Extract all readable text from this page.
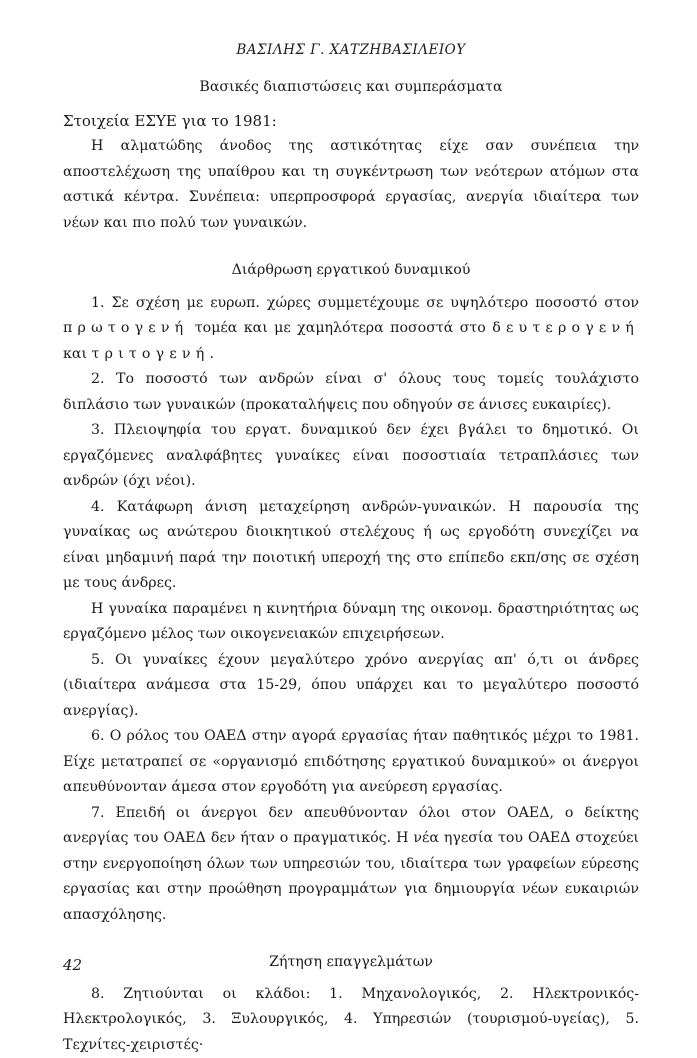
ΒΑΣΙΛΗΣ Γ. ΧΑΤΖΗΒΑΣΙΛΕΙΟΥ
Βασικές διαπιστώσεις και συμπεράσματα
Στοιχεία ΕΣΥΕ για το 1981:

Η αλματώδης άνοδος της αστικότητας είχε σαν συνέπεια την αποστελέχωση της υπαίθρου και τη συγκέντρωση των νεότερων ατόμων στα αστικά κέντρα. Συνέπεια: υπερπροσφορά εργασίας, ανεργία ιδιαίτερα των νέων και πιο πολύ των γυναικών.

Διάρθρωση εργατικού δυναμικού

1. Σε σχέση με ευρωπ. χώρες συμμετέχουμε σε υψηλότερο ποσοστό στον πρωτογενή τομέα και με χαμηλότερα ποσοστά στο δευτερογενή και τριτογενή.

2. Το ποσοστό των ανδρών είναι σ' όλους τους τομείς τουλάχιστο διπλάσιο των γυναικών (προκαταλήψεις που οδηγούν σε άνισες ευκαιρίες).

3. Πλειοψηφία του εργατ. δυναμικού δεν έχει βγάλει το δημοτικό. Οι εργαζόμενες αναλφάβητες γυναίκες είναι ποσοστιαία τετραπλάσιες των ανδρών (όχι νέοι).

4. Κατάφωρη άνιση μεταχείρηση ανδρών-γυναικών. Η παρουσία της γυναίκας ως ανώτερου διοικητικού στελέχους ή ως εργοδότη συνεχίζει να είναι μηδαμινή παρά την ποιοτική υπεροχή της στο επίπεδο εκπ/σης σε σχέση με τους άνδρες.

Η γυναίκα παραμένει η κινητήρια δύναμη της οικονομ. δραστηριότητας ως εργαζόμενο μέλος των οικογενειακών επιχειρήσεων.

5. Οι γυναίκες έχουν μεγαλύτερο χρόνο ανεργίας απ' ό,τι οι άνδρες (ιδιαίτερα ανάμεσα στα 15-29, όπου υπάρχει και το μεγαλύτερο ποσοστό ανεργίας).

6. Ο ρόλος του ΟΑΕΔ στην αγορά εργασίας ήταν παθητικός μέχρι το 1981. Είχε μετατραπεί σε «οργανισμό επιδότησης εργατικού δυναμικού» οι άνεργοι απευθύνονταν άμεσα στον εργοδότη για ανεύρεση εργασίας.

7. Επειδή οι άνεργοι δεν απευθύνονταν όλοι στον ΟΑΕΔ, ο δείκτης ανεργίας του ΟΑΕΔ δεν ήταν ο πραγματικός. Η νέα ηγεσία του ΟΑΕΔ στοχεύει στην ενεργοποίηση όλων των υπηρεσιών του, ιδιαίτερα των γραφείων εύρεσης εργασίας και στην προώθηση προγραμμάτων για δημιουργία νέων ευκαιριών απασχόλησης.

Ζήτηση επαγγελμάτων

8. Ζητιούνται οι κλάδοι: 1. Μηχανολογικός, 2. Ηλεκτρονικός-Ηλεκτρολογικός, 3. Ξυλουργικός, 4. Υπηρεσιών (τουρισμού-υγείας), 5. Τεχνίτες-χειριστές·

42
